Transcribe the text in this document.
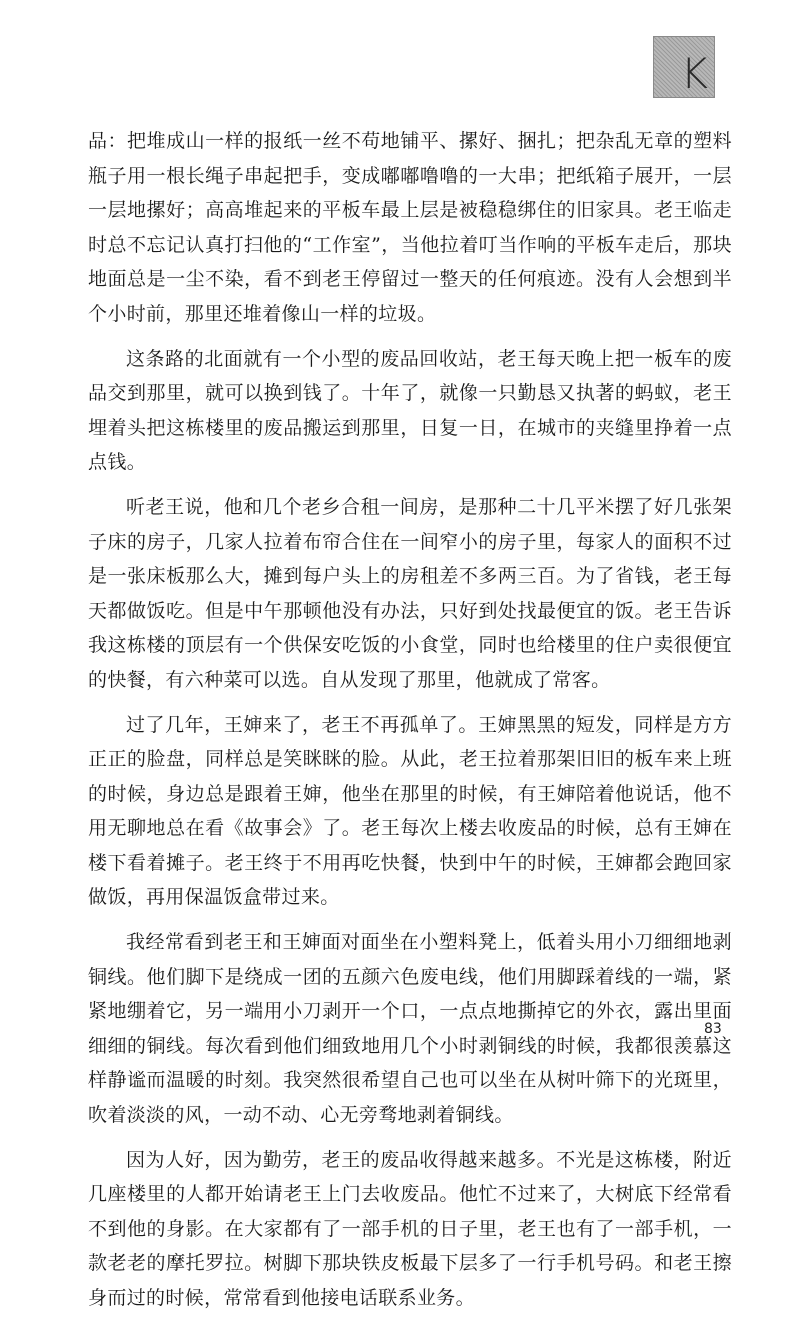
K

品：把堆成山一样的报纸一丝不苟地铺平、摞好、捆扎；把杂乱无章的塑料瓶子用一根长绳子串起把手，变成嘟嘟噜噜的一大串；把纸箱子展开，一层一层地摞好；高高堆起来的平板车最上层是被稳稳绑住的旧家具。老王临走时总不忘记认真打扫他的“工作室”，当他拉着叮当作响的平板车走后，那块地面总是一尘不染，看不到老王停留过一整天的任何痕迹。没有人会想到半个小时前，那里还堆着像山一样的垃圾。

这条路的北面就有一个小型的废品回收站，老王每天晚上把一板车的废品交到那里，就可以换到钱了。十年了，就像一只勤恳又执著的蚂蚁，老王埋着头把这栋楼里的废品搬运到那里，日复一日，在城市的夹缝里挣着一点点钱。

听老王说，他和几个老乡合租一间房，是那种二十几平米摆了好几张架子床的房子，几家人拉着布帘合住在一间窄小的房子里，每家人的面积不过是一张床板那么大，摊到每户头上的房租差不多两三百。为了省钱，老王每天都做饭吃。但是中午那顿他没有办法，只好到处找最便宜的饭。老王告诉我这栋楼的顶层有一个供保安吃饭的小食堂，同时也给楼里的住户卖很便宜的快餐，有六种菜可以选。自从发现了那里，他就成了常客。

过了几年，王婶来了，老王不再孤单了。王婶黑黑的短发，同样是方方正正的脸盘，同样总是笑眯眯的脸。从此，老王拉着那架旧旧的板车来上班的时候，身边总是跟着王婶，他坐在那里的时候，有王婶陪着他说话，他不用无聊地总在看《故事会》了。老王每次上楼去收废品的时候，总有王婶在楼下看着摊子。老王终于不用再吃快餐，快到中午的时候，王婶都会跑回家做饭，再用保温饭盒带过来。

我经常看到老王和王婶面对面坐在小塑料凳上，低着头用小刀细细地剥铜线。他们脚下是绕成一团的五颜六色废电线，他们用脚踩着线的一端，紧紧地绷着它，另一端用小刀剥开一个口，一点点地撕掉它的外衣，露出里面细细的铜线。每次看到他们细致地用几个小时剥铜线的时候，我都很羡慕这样静谧而温暖的时刻。我突然很希望自己也可以坐在从树叶筛下的光斑里，吹着淡淡的风，一动不动、心无旁骛地剥着铜线。

因为人好，因为勤劳，老王的废品收得越来越多。不光是这栋楼，附近几座楼里的人都开始请老王上门去收废品。他忙不过来了，大树底下经常看不到他的身影。在大家都有了一部手机的日子里，老王也有了一部手机，一款老老的摩托罗拉。树脚下那块铁皮板最下层多了一行手机号码。和老王擦身而过的时候，常常看到他接电话联系业务。

83
